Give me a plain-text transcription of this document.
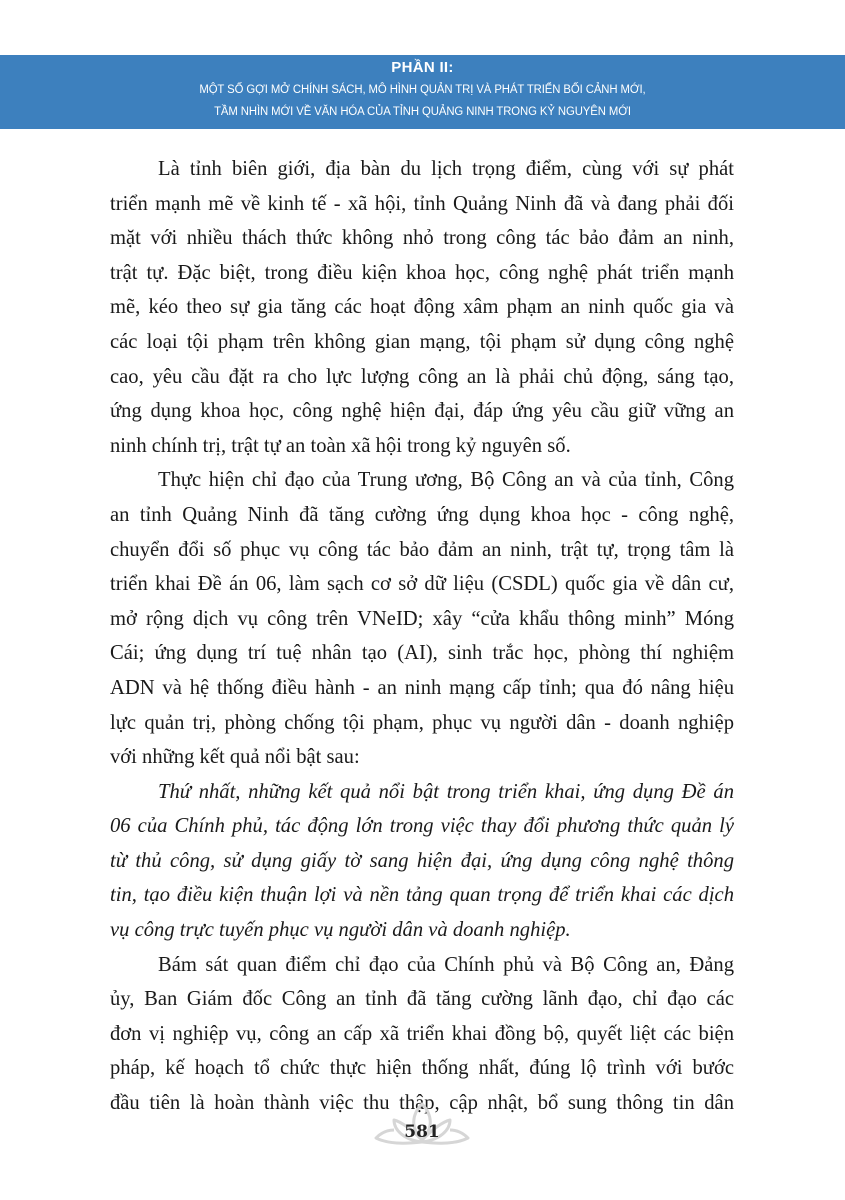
PHẦN II:
MỘT SỐ GỢI MỞ CHÍNH SÁCH, MÔ HÌNH QUẢN TRỊ VÀ PHÁT TRIỂN BỐI CẢNH MỚI,
TẦM NHÌN MỚI VỀ VĂN HÓA CỦA TỈNH QUẢNG NINH TRONG KỶ NGUYÊN MỚI
Là tỉnh biên giới, địa bàn du lịch trọng điểm, cùng với sự phát
triển mạnh mẽ về kinh tế - xã hội, tỉnh Quảng Ninh đã và đang phải đối
mặt với nhiều thách thức không nhỏ trong công tác bảo đảm an ninh,
trật tự. Đặc biệt, trong điều kiện khoa học, công nghệ phát triển mạnh
mẽ, kéo theo sự gia tăng các hoạt động xâm phạm an ninh quốc gia và
các loại tội phạm trên không gian mạng, tội phạm sử dụng công nghệ
cao, yêu cầu đặt ra cho lực lượng công an là phải chủ động, sáng tạo,
ứng dụng khoa học, công nghệ hiện đại, đáp ứng yêu cầu giữ vững an
ninh chính trị, trật tự an toàn xã hội trong kỷ nguyên số.
Thực hiện chỉ đạo của Trung ương, Bộ Công an và của tỉnh, Công
an tỉnh Quảng Ninh đã tăng cường ứng dụng khoa học - công nghệ,
chuyển đổi số phục vụ công tác bảo đảm an ninh, trật tự, trọng tâm là
triển khai Đề án 06, làm sạch cơ sở dữ liệu (CSDL) quốc gia về dân cư,
mở rộng dịch vụ công trên VNeID; xây “cửa khẩu thông minh” Móng
Cái; ứng dụng trí tuệ nhân tạo (AI), sinh trắc học, phòng thí nghiệm
ADN và hệ thống điều hành - an ninh mạng cấp tỉnh; qua đó nâng hiệu
lực quản trị, phòng chống tội phạm, phục vụ người dân - doanh nghiệp
với những kết quả nổi bật sau:
Thứ nhất, những kết quả nổi bật trong triển khai, ứng dụng Đề án
06 của Chính phủ, tác động lớn trong việc thay đổi phương thức quản lý
từ thủ công, sử dụng giấy tờ sang hiện đại, ứng dụng công nghệ thông
tin, tạo điều kiện thuận lợi và nền tảng quan trọng để triển khai các dịch
vụ công trực tuyến phục vụ người dân và doanh nghiệp.
Bám sát quan điểm chỉ đạo của Chính phủ và Bộ Công an, Đảng
ủy, Ban Giám đốc Công an tỉnh đã tăng cường lãnh đạo, chỉ đạo các
đơn vị nghiệp vụ, công an cấp xã triển khai đồng bộ, quyết liệt các biện
pháp, kế hoạch tổ chức thực hiện thống nhất, đúng lộ trình với bước
đầu tiên là hoàn thành việc thu thập, cập nhật, bổ sung thông tin dân
581
